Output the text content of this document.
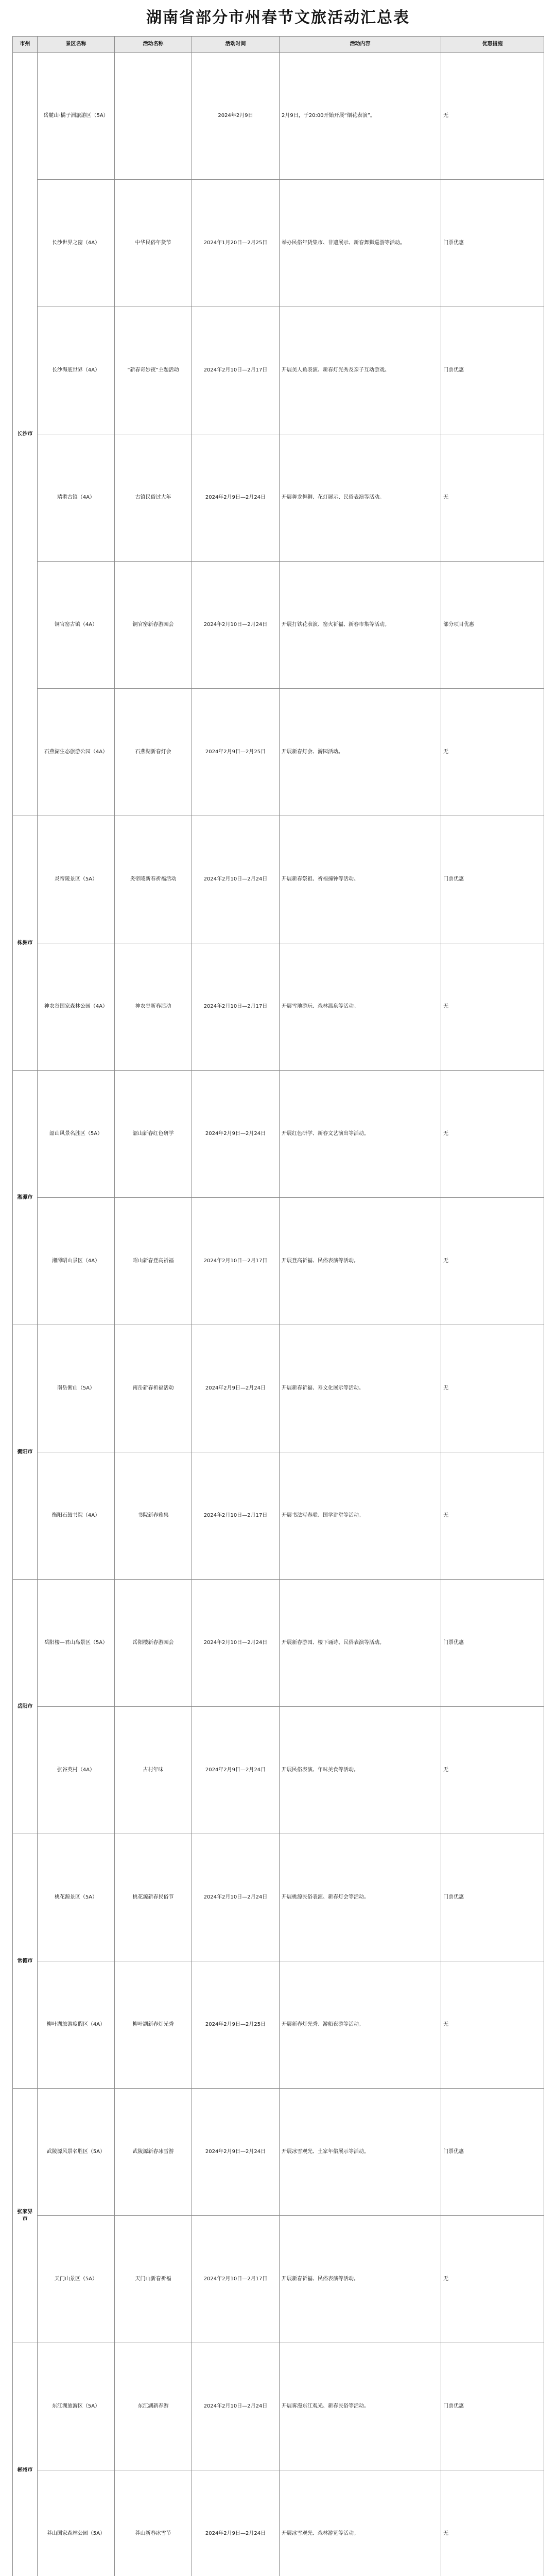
湖南省部分市州春节文旅活动汇总表
市州	景区名称	活动名称	活动时间	活动内容	优惠措施
长沙市	岳麓山·橘子洲旅游区（5A）		2024年2月9日	2月9日，于20:00开始开展“烟花表演”。	无
	长沙世界之窗（4A）	中华民俗年货节	2024年1月20日—2月25日	举办民俗年货集市、非遗展示、新春舞狮巡游等活动。	门票优惠
	长沙海底世界（4A）	“新春奇妙夜”主题活动	2024年2月10日—2月17日	开展美人鱼表演、新春灯光秀及亲子互动游戏。	门票优惠
	靖港古镇（4A）	古镇民俗过大年	2024年2月9日—2月24日	开展舞龙舞狮、花灯展示、民俗表演等活动。	无
	铜官窑古镇（4A）	铜官窑新春游园会	2024年2月10日—2月24日	开展打铁花表演、窑火祈福、新春市集等活动。	部分项目优惠
	石燕湖生态旅游公园（4A）	石燕湖新春灯会	2024年2月9日—2月25日	开展新春灯会、游园活动。	无
株洲市	炎帝陵景区（5A）	炎帝陵新春祈福活动	2024年2月10日—2月24日	开展新春祭祖、祈福撞钟等活动。	门票优惠
	神农谷国家森林公园（4A）	神农谷新春活动	2024年2月10日—2月17日	开展雪地游玩、森林温泉等活动。	无
湘潭市	韶山风景名胜区（5A）	韶山新春红色研学	2024年2月9日—2月24日	开展红色研学、新春文艺演出等活动。	无
	湘潭昭山景区（4A）	昭山新春登高祈福	2024年2月10日—2月17日	开展登高祈福、民俗表演等活动。	无
衡阳市	南岳衡山（5A）	南岳新春祈福活动	2024年2月9日—2月24日	开展新春祈福、寿文化展示等活动。	无
	衡阳石鼓书院（4A）	书院新春雅集	2024年2月10日—2月17日	开展书法写春联、国学讲堂等活动。	无
岳阳市	岳阳楼—君山岛景区（5A）	岳阳楼新春游园会	2024年2月10日—2月24日	开展新春游园、楼下诵诗、民俗表演等活动。	门票优惠
	张谷英村（4A）	古村年味	2024年2月9日—2月24日	开展民俗表演、年味美食等活动。	无
常德市	桃花源景区（5A）	桃花源新春民俗节	2024年2月10日—2月24日	开展桃源民俗表演、新春灯会等活动。	门票优惠
	柳叶湖旅游度假区（4A）	柳叶湖新春灯光秀	2024年2月9日—2月25日	开展新春灯光秀、游船夜游等活动。	无
张家界市	武陵源风景名胜区（5A）	武陵源新春冰雪游	2024年2月9日—2月24日	开展冰雪观光、土家年俗展示等活动。	门票优惠
	天门山景区（5A）	天门山新春祈福	2024年2月10日—2月17日	开展新春祈福、民俗表演等活动。	无
郴州市	东江湖旅游区（5A）	东江湖新春游	2024年2月10日—2月24日	开展雾漫东江观光、新春民俗等活动。	门票优惠
	莽山国家森林公园（5A）	莽山新春冰雪节	2024年2月9日—2月24日	开展冰雪观光、森林游览等活动。	无
